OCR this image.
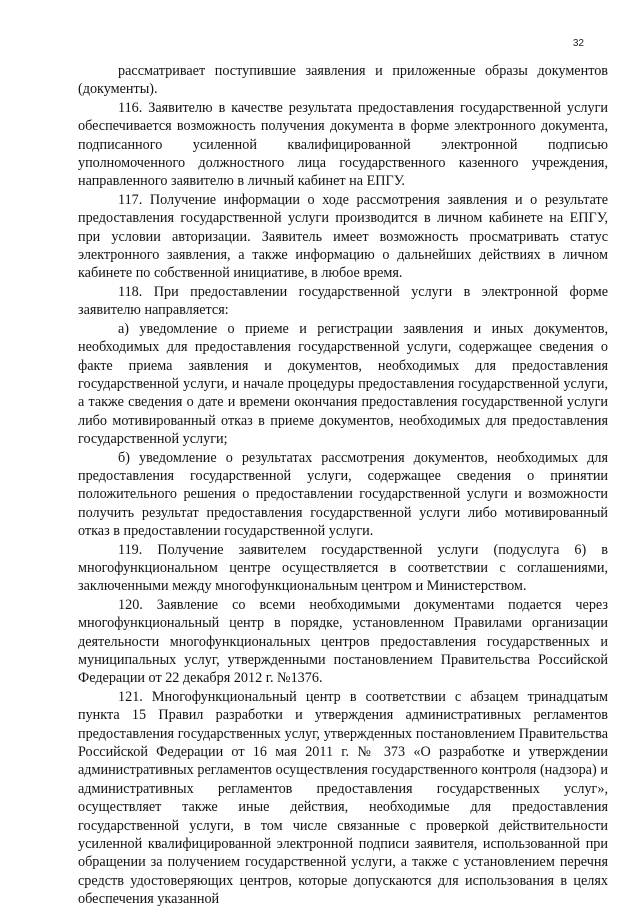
32

рассматривает поступившие заявления и приложенные образы документов (документы).

116. Заявителю в качестве результата предоставления государственной услуги обеспечивается возможность получения документа в форме электронного документа, подписанного усиленной квалифицированной электронной подписью уполномоченного должностного лица государственного казенного учреждения, направленного заявителю в личный кабинет на ЕПГУ.

117. Получение информации о ходе рассмотрения заявления и о результате предоставления государственной услуги производится в личном кабинете на ЕПГУ, при условии авторизации. Заявитель имеет возможность просматривать статус электронного заявления, а также информацию о дальнейших действиях в личном кабинете по собственной инициативе, в любое время.

118. При предоставлении государственной услуги в электронной форме заявителю направляется:

а) уведомление о приеме и регистрации заявления и иных документов, необходимых для предоставления государственной услуги, содержащее сведения о факте приема заявления и документов, необходимых для предоставления государственной услуги, и начале процедуры предоставления государственной услуги, а также сведения о дате и времени окончания предоставления государственной услуги либо мотивированный отказ в приеме документов, необходимых для предоставления государственной услуги;

б) уведомление о результатах рассмотрения документов, необходимых для предоставления государственной услуги, содержащее сведения о принятии положительного решения о предоставлении государственной услуги и возможности получить результат предоставления государственной услуги либо мотивированный отказ в предоставлении государственной услуги.

119. Получение заявителем государственной услуги (подуслуга 6) в многофункциональном центре осуществляется в соответствии с соглашениями, заключенными между многофункциональным центром и Министерством.

120. Заявление со всеми необходимыми документами подается через многофункциональный центр в порядке, установленном Правилами организации деятельности многофункциональных центров предоставления государственных и муниципальных услуг, утвержденными постановлением Правительства Российской Федерации от 22 декабря 2012 г. №1376.

121. Многофункциональный центр в соответствии с абзацем тринадцатым пункта 15 Правил разработки и утверждения административных регламентов предоставления государственных услуг, утвержденных постановлением Правительства Российской Федерации от 16 мая 2011 г. № 373 «О разработке и утверждении административных регламентов осуществления государственного контроля (надзора) и административных регламентов предоставления государственных услуг», осуществляет также иные действия, необходимые для предоставления государственной услуги, в том числе связанные с проверкой действительности усиленной квалифицированной электронной подписи заявителя, использованной при обращении за получением государственной услуги, а также с установлением перечня средств удостоверяющих центров, которые допускаются для использования в целях обеспечения указанной
